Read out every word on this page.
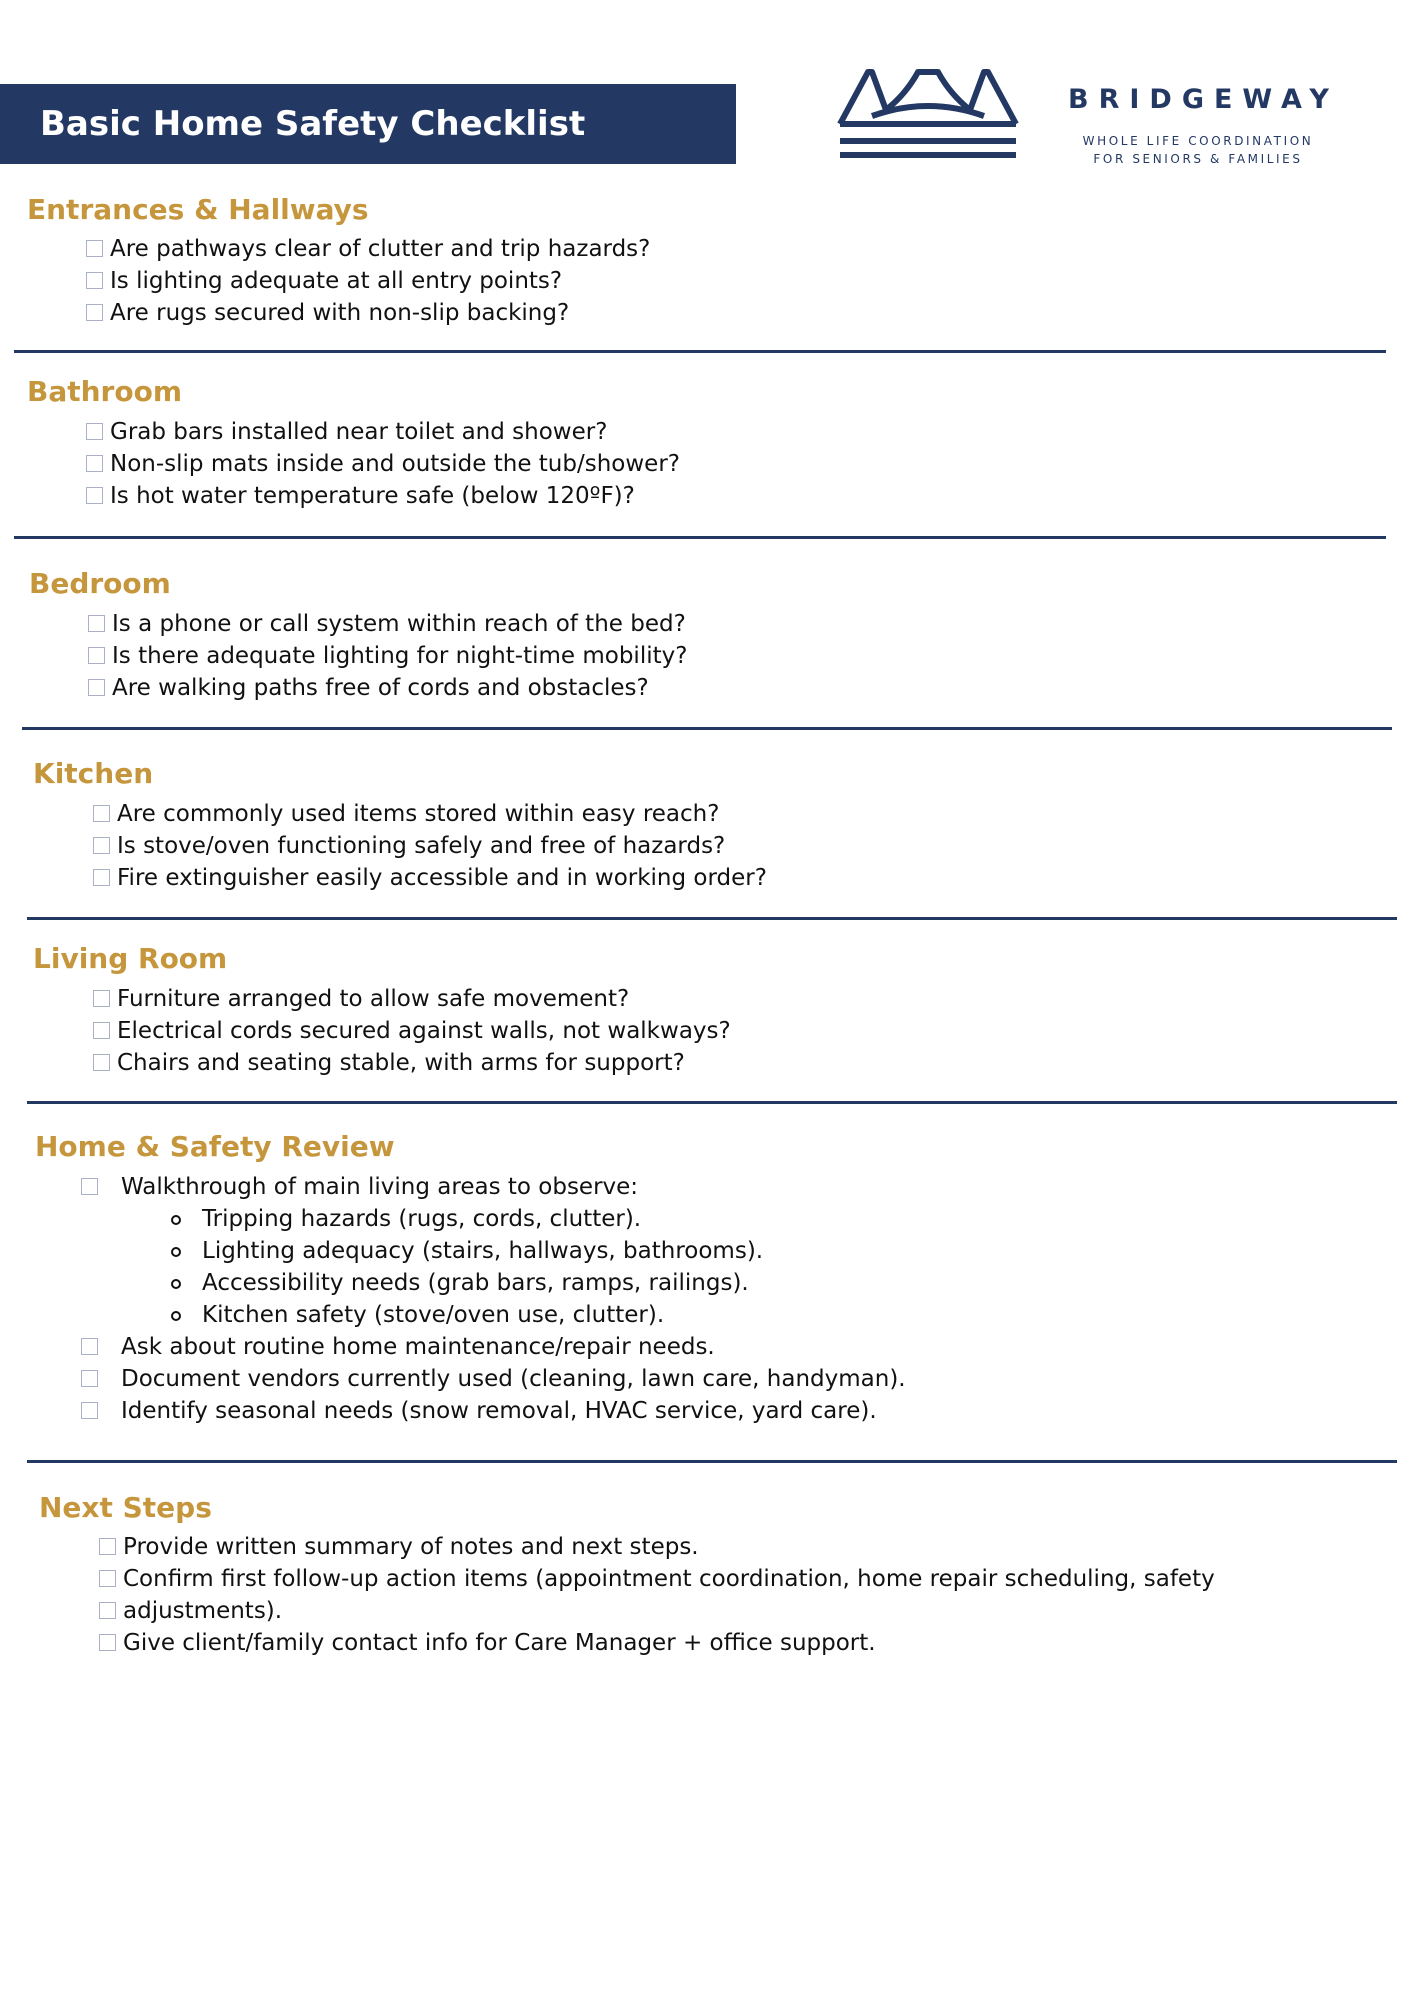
Basic Home Safety Checklist
BRIDGEWAY
WHOLE LIFE COORDINATION
FOR SENIORS & FAMILIES
Entrances & Hallways
Are pathways clear of clutter and trip hazards?
Is lighting adequate at all entry points?
Are rugs secured with non-slip backing?
Bathroom
Grab bars installed near toilet and shower?
Non-slip mats inside and outside the tub/shower?
Is hot water temperature safe (below 120ºF)?
Bedroom
Is a phone or call system within reach of the bed?
Is there adequate lighting for night-time mobility?
Are walking paths free of cords and obstacles?
Kitchen
Are commonly used items stored within easy reach?
Is stove/oven functioning safely and free of hazards?
Fire extinguisher easily accessible and in working order?
Living Room
Furniture arranged to allow safe movement?
Electrical cords secured against walls, not walkways?
Chairs and seating stable, with arms for support?
Home & Safety Review
Walkthrough of main living areas to observe:
Tripping hazards (rugs, cords, clutter).
Lighting adequacy (stairs, hallways, bathrooms).
Accessibility needs (grab bars, ramps, railings).
Kitchen safety (stove/oven use, clutter).
Ask about routine home maintenance/repair needs.
Document vendors currently used (cleaning, lawn care, handyman).
Identify seasonal needs (snow removal, HVAC service, yard care).
Next Steps
Provide written summary of notes and next steps.
Confirm first follow-up action items (appointment coordination, home repair scheduling, safety
adjustments).
Give client/family contact info for Care Manager + office support.
